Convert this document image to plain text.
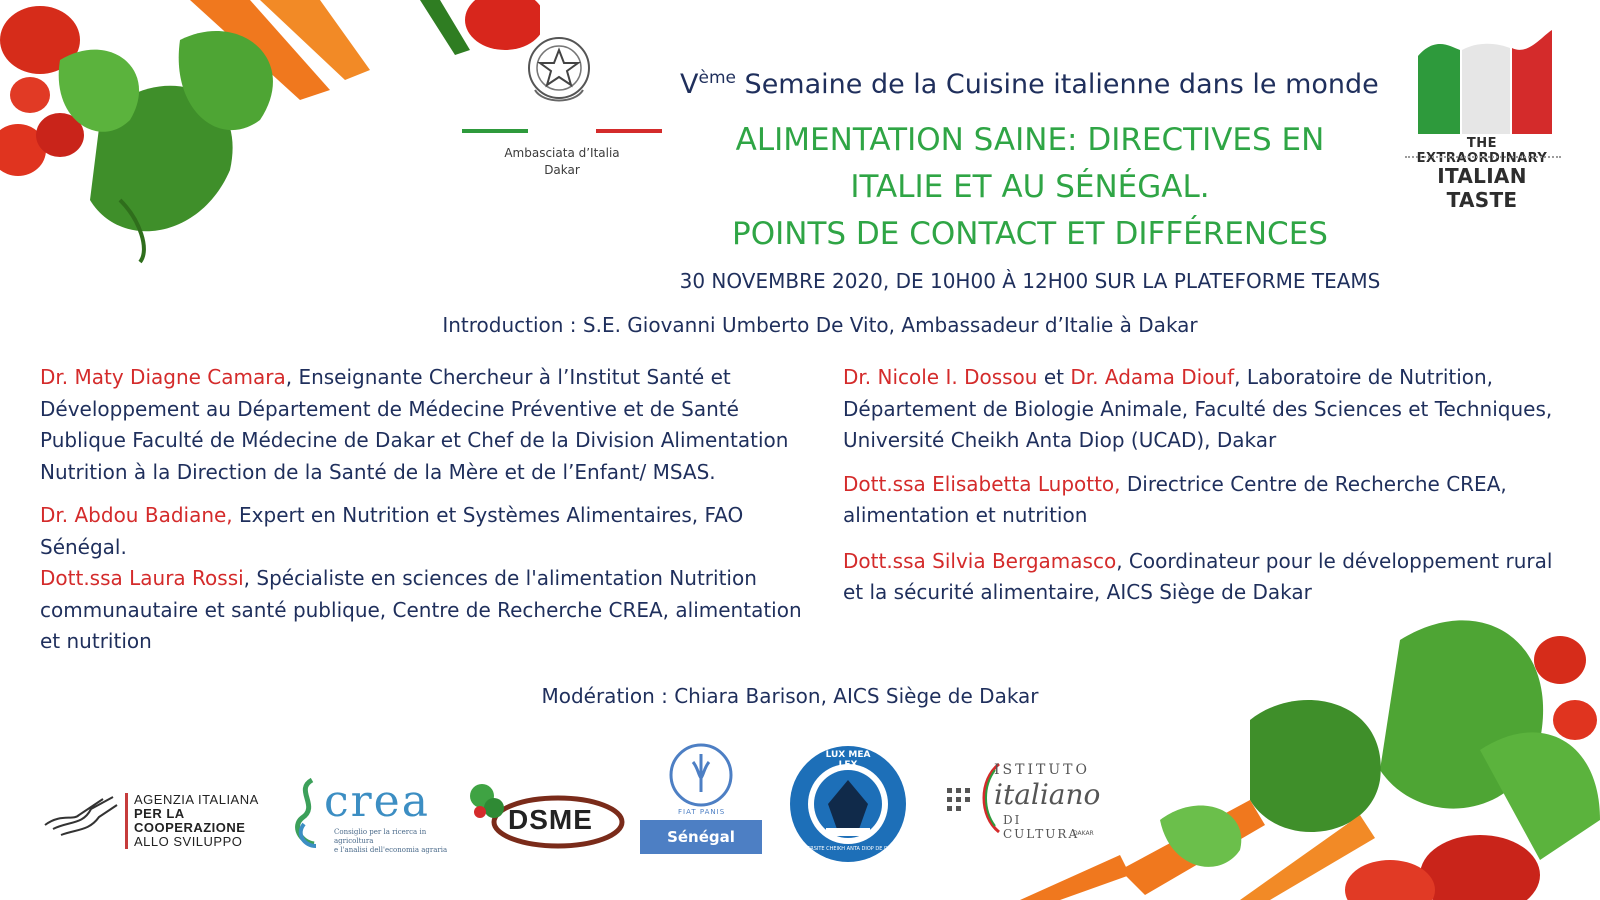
Ambasciata d’Italia
Dakar
THE EXTRAORDINARY
ITALIAN TASTE
Vème Semaine de la Cuisine italienne dans le monde
ALIMENTATION SAINE: DIRECTIVES EN
ITALIE ET AU SÉNÉGAL.
POINTS DE CONTACT ET DIFFÉRENCES
30 NOVEMBRE 2020, DE 10H00 À 12H00 SUR LA PLATEFORME TEAMS
Introduction : S.E. Giovanni Umberto De Vito, Ambassadeur d’Italie à Dakar

Dr. Maty Diagne Camara, Enseignante Chercheur à l’Institut Santé et Développement au Département de Médecine Préventive et de Santé Publique Faculté de Médecine de Dakar et Chef de la Division Alimentation Nutrition à la Direction de la Santé de la Mère et de l’Enfant/ MSAS.

Dr. Abdou Badiane, Expert en Nutrition et Systèmes Alimentaires, FAO Sénégal.

Dott.ssa Laura Rossi, Spécialiste en sciences de l'alimentation Nutrition communautaire et santé publique, Centre de Recherche CREA, alimentation et nutrition

Dr. Nicole I. Dossou et Dr. Adama Diouf, Laboratoire de Nutrition, Département de Biologie Animale, Faculté des Sciences et Techniques, Université Cheikh Anta Diop (UCAD), Dakar

Dott.ssa Elisabetta Lupotto, Directrice Centre de Recherche CREA, alimentation et nutrition

Dott.ssa Silvia Bergamasco, Coordinateur pour le développement rural et la sécurité alimentaire, AICS Siège de Dakar

Modération : Chiara Barison, AICS Siège de Dakar
AGENZIA ITALIANA
PER LA COOPERAZIONE
ALLO SVILUPPO
crea
Consiglio per la ricerca in agricoltura
e l'analisi dell'economia agraria
DSME	FIAT PANIS
Sénégal
LUX MEA LEX
UNIVERSITE CHEIKH ANTA DIOP DE DAKAR
ISTITUTO
italiano
DI CULTURA
DAKAR
